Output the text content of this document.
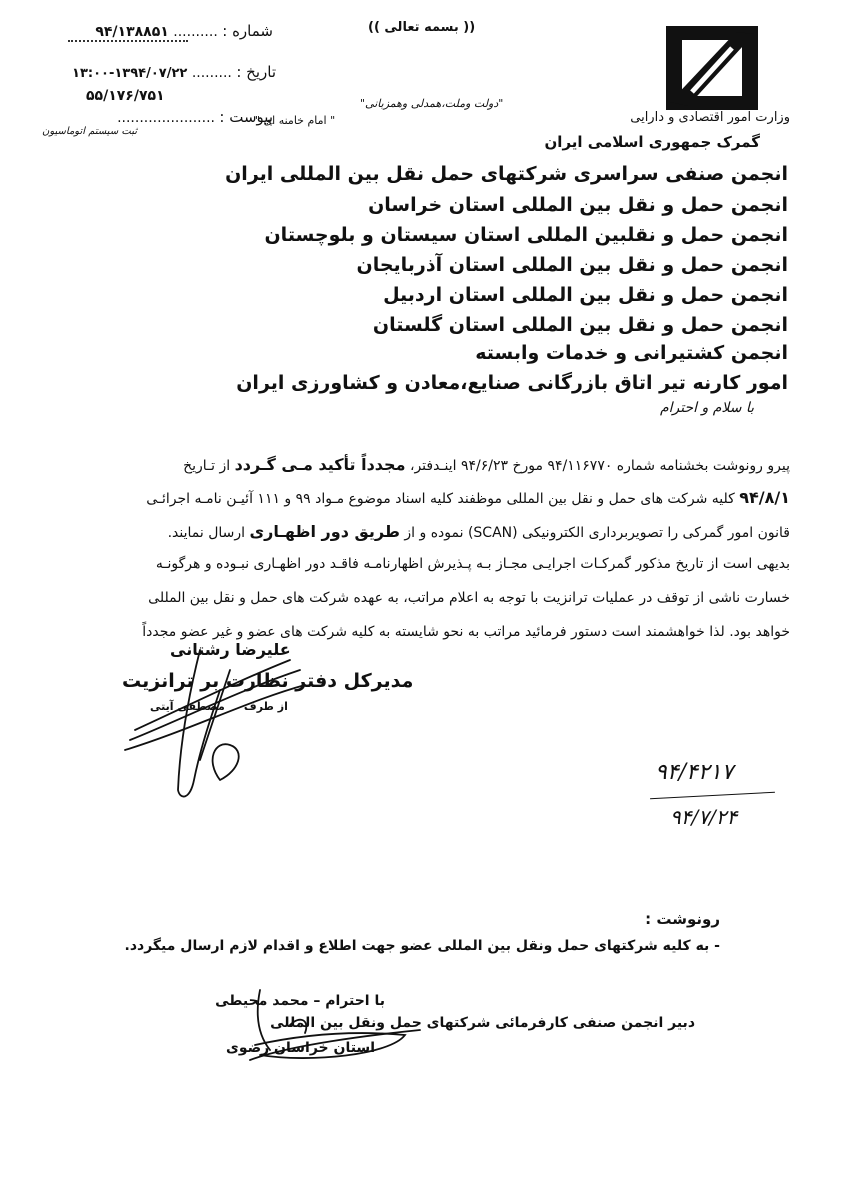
وزارت امور اقتصادی و دارایی
گمرک جمهوری اسلامی ایران
(( بسمه تعالی ))
"دولت وملت،همدلی وهمزبانی"
" امام خامنه ای "
شماره : .......... ۹۴/۱۳۸۸۵۱
تاریخ : ......... ۱۳۹۴/۰۷/۲۲-۱۳:۰۰
۵۵/۱۷۶/۷۵۱
پیوست : ......................
ثبت سیستم اتوماسیون
انجمن صنفی سراسری شرکتهای حمل نقل بین المللی ایران
انجمن حمل و نقل بین المللی استان خراسان
انجمن حمل و نقلبین المللی استان سیستان و بلوچستان
انجمن حمل و نقل بین المللی استان آذربایجان
انجمن حمل و نقل بین المللی استان اردبیل
انجمن حمل و نقل بین المللی استان گلستان
انجمن کشتیرانی و خدمات وابسته
امور کارنه تیر اتاق بازرگانی صنایع،معادن و کشاورزی ایران
با سلام و احترام
پیرو رونوشت بخشنامه شماره ۹۴/۱۱۶۷۷۰ مورخ ۹۴/۶/۲۳ اینـدفتر، مجدداً تأکید مـی گـردد از تـاریخ
۹۴/۸/۱ کلیه شرکت های حمل و نقل بین المللی موظفند کلیه اسناد موضوع مـواد ۹۹ و ۱۱۱ آئیـن نامـه اجرائـی
قانون امور گمرکی را تصویربرداری الکترونیکی (SCAN) نموده و از طریق دور اظهـاری ارسال نمایند.
بدیهی است از تاریخ مذکور گمرکـات اجرایـی مجـاز بـه پـذیرش اظهارنامـه فاقـد دور اظهـاری نبـوده و هرگونـه
خسارت ناشی از توقف در عملیات ترانزیت با توجه به اعلام مراتب، به عهده شرکت های حمل و نقل بین المللی
خواهد بود. لذا خواهشمند است دستور فرمائید مراتب به نحو شایسته به کلیه شرکت های عضو و غیر عضو مجدداً
علیرضا رشتانی
مدیرکل دفتر نظارت بر ترانزیت
از طرف     مصطفی آیتی
۹۴/۴۲۱۷
۹۴/۷/۲۴
رونوشت :
- به کلیه شرکتهای حمل ونقل بین المللی عضو جهت اطلاع و اقدام لازم ارسال میگردد.
با احترام – محمد محیطی
دبیر انجمن صنفی کارفرمائی شرکتهای حمل ونقل بین المللی
استان خراسان رضوی
